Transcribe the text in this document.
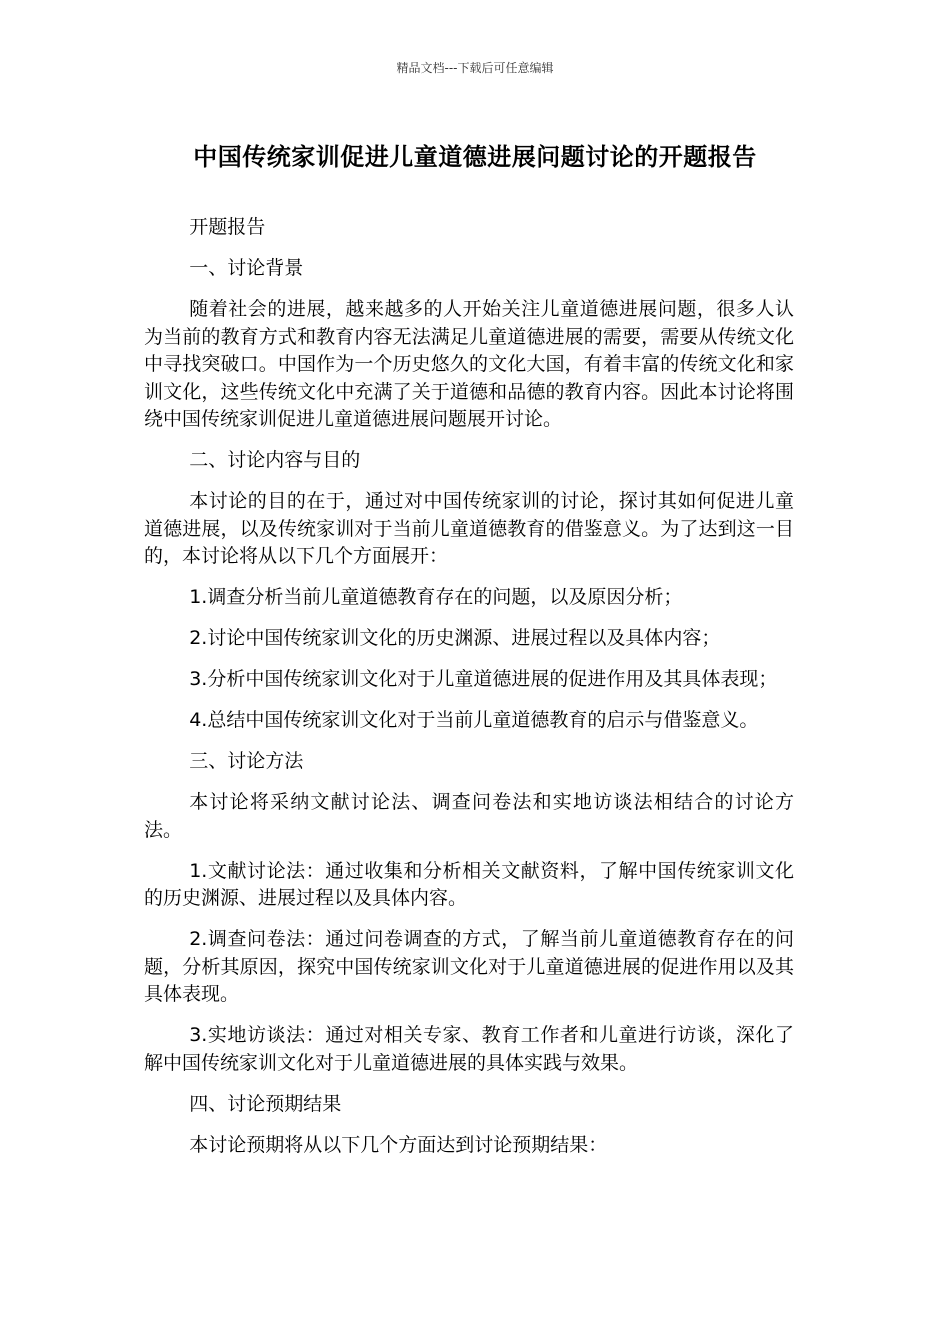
精品文档---下载后可任意编辑
中国传统家训促进儿童道德进展问题讨论的开题报告

开题报告

一、讨论背景

随着社会的进展，越来越多的人开始关注儿童道德进展问题，很多人认为当前的教育方式和教育内容无法满足儿童道德进展的需要，需要从传统文化中寻找突破口。中国作为一个历史悠久的文化大国，有着丰富的传统文化和家训文化，这些传统文化中充满了关于道德和品德的教育内容。因此本讨论将围绕中国传统家训促进儿童道德进展问题展开讨论。

二、讨论内容与目的

本讨论的目的在于，通过对中国传统家训的讨论，探讨其如何促进儿童道德进展，以及传统家训对于当前儿童道德教育的借鉴意义。为了达到这一目的，本讨论将从以下几个方面展开：

1.调查分析当前儿童道德教育存在的问题，以及原因分析；

2.讨论中国传统家训文化的历史渊源、进展过程以及具体内容；

3.分析中国传统家训文化对于儿童道德进展的促进作用及其具体表现；

4.总结中国传统家训文化对于当前儿童道德教育的启示与借鉴意义。

三、讨论方法

本讨论将采纳文献讨论法、调查问卷法和实地访谈法相结合的讨论方法。

1.文献讨论法：通过收集和分析相关文献资料，了解中国传统家训文化的历史渊源、进展过程以及具体内容。

2.调查问卷法：通过问卷调查的方式，了解当前儿童道德教育存在的问题，分析其原因，探究中国传统家训文化对于儿童道德进展的促进作用以及其具体表现。

3.实地访谈法：通过对相关专家、教育工作者和儿童进行访谈，深化了解中国传统家训文化对于儿童道德进展的具体实践与效果。

四、讨论预期结果

本讨论预期将从以下几个方面达到讨论预期结果：
